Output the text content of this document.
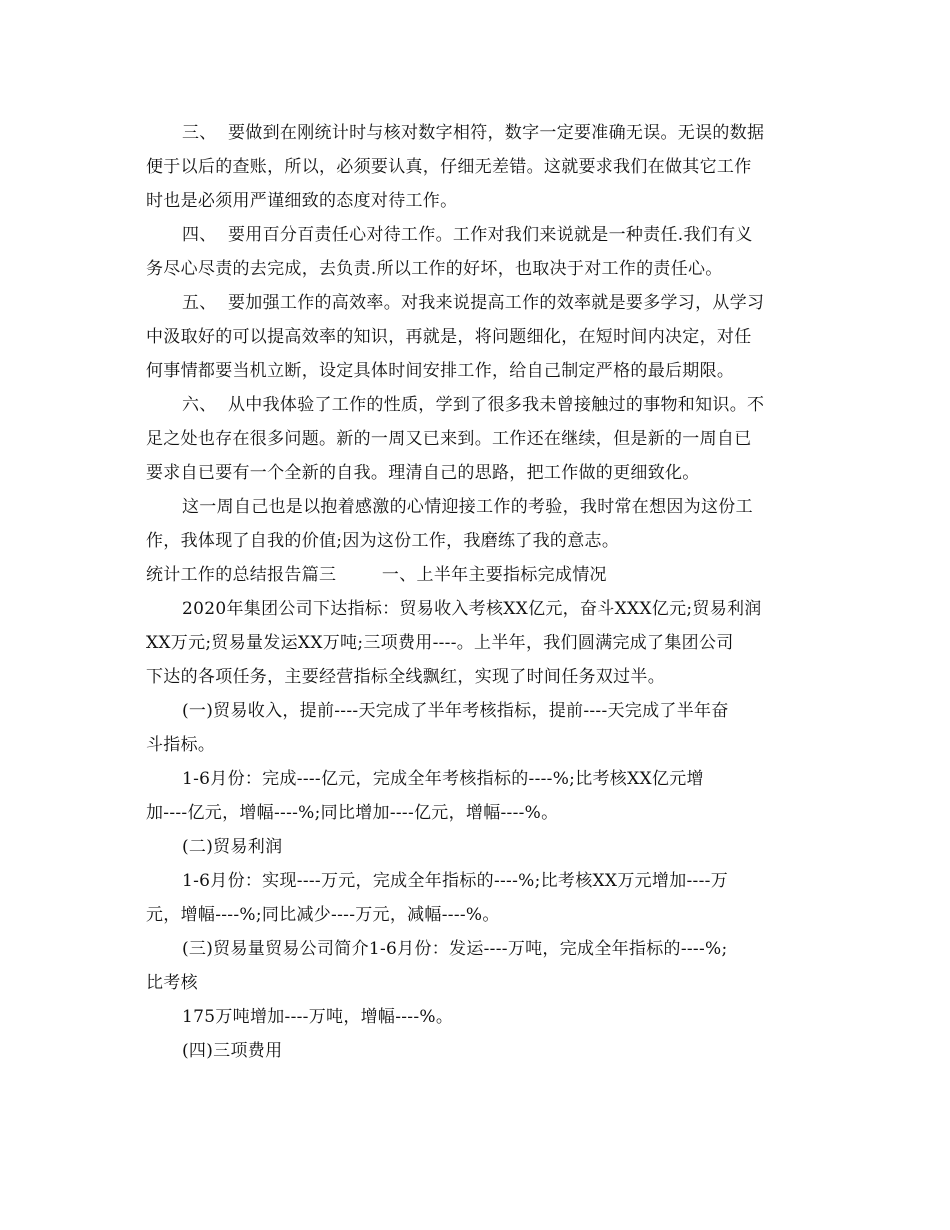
三、  要做到在刚统计时与核对数字相符，数字一定要准确无误。无误的数据
便于以后的查账，所以，必须要认真，仔细无差错。这就要求我们在做其它工作
时也是必须用严谨细致的态度对待工作。
四、  要用百分百责任心对待工作。工作对我们来说就是一种责任.我们有义
务尽心尽责的去完成，去负责.所以工作的好坏，也取决于对工作的责任心。
五、  要加强工作的高效率。对我来说提高工作的效率就是要多学习，从学习
中汲取好的可以提高效率的知识，再就是，将问题细化，在短时间内决定，对任
何事情都要当机立断，设定具体时间安排工作，给自己制定严格的最后期限。
六、  从中我体验了工作的性质，学到了很多我未曾接触过的事物和知识。不
足之处也存在很多问题。新的一周又已来到。工作还在继续，但是新的一周自已
要求自已要有一个全新的自我。理清自己的思路，把工作做的更细致化。
这一周自己也是以抱着感激的心情迎接工作的考验，我时常在想因为这份工
作，我体现了自我的价值;因为这份工作，我磨练了我的意志。
统计工作的总结报告篇三        一、上半年主要指标完成情况
2020年集团公司下达指标：贸易收入考核XX亿元，奋斗XXX亿元;贸易利润
XX万元;贸易量发运XX万吨;三项费用----。上半年，我们圆满完成了集团公司
下达的各项任务，主要经营指标全线飘红，实现了时间任务双过半。
(一)贸易收入，提前----天完成了半年考核指标，提前----天完成了半年奋
斗指标。
1-6月份：完成----亿元，完成全年考核指标的----%;比考核XX亿元增
加----亿元，增幅----%;同比增加----亿元，增幅----%。
(二)贸易利润
1-6月份：实现----万元，完成全年指标的----%;比考核XX万元增加----万
元，增幅----%;同比减少----万元，减幅----%。
(三)贸易量贸易公司简介1-6月份：发运----万吨，完成全年指标的----%;
比考核
175万吨增加----万吨，增幅----%。
(四)三项费用
